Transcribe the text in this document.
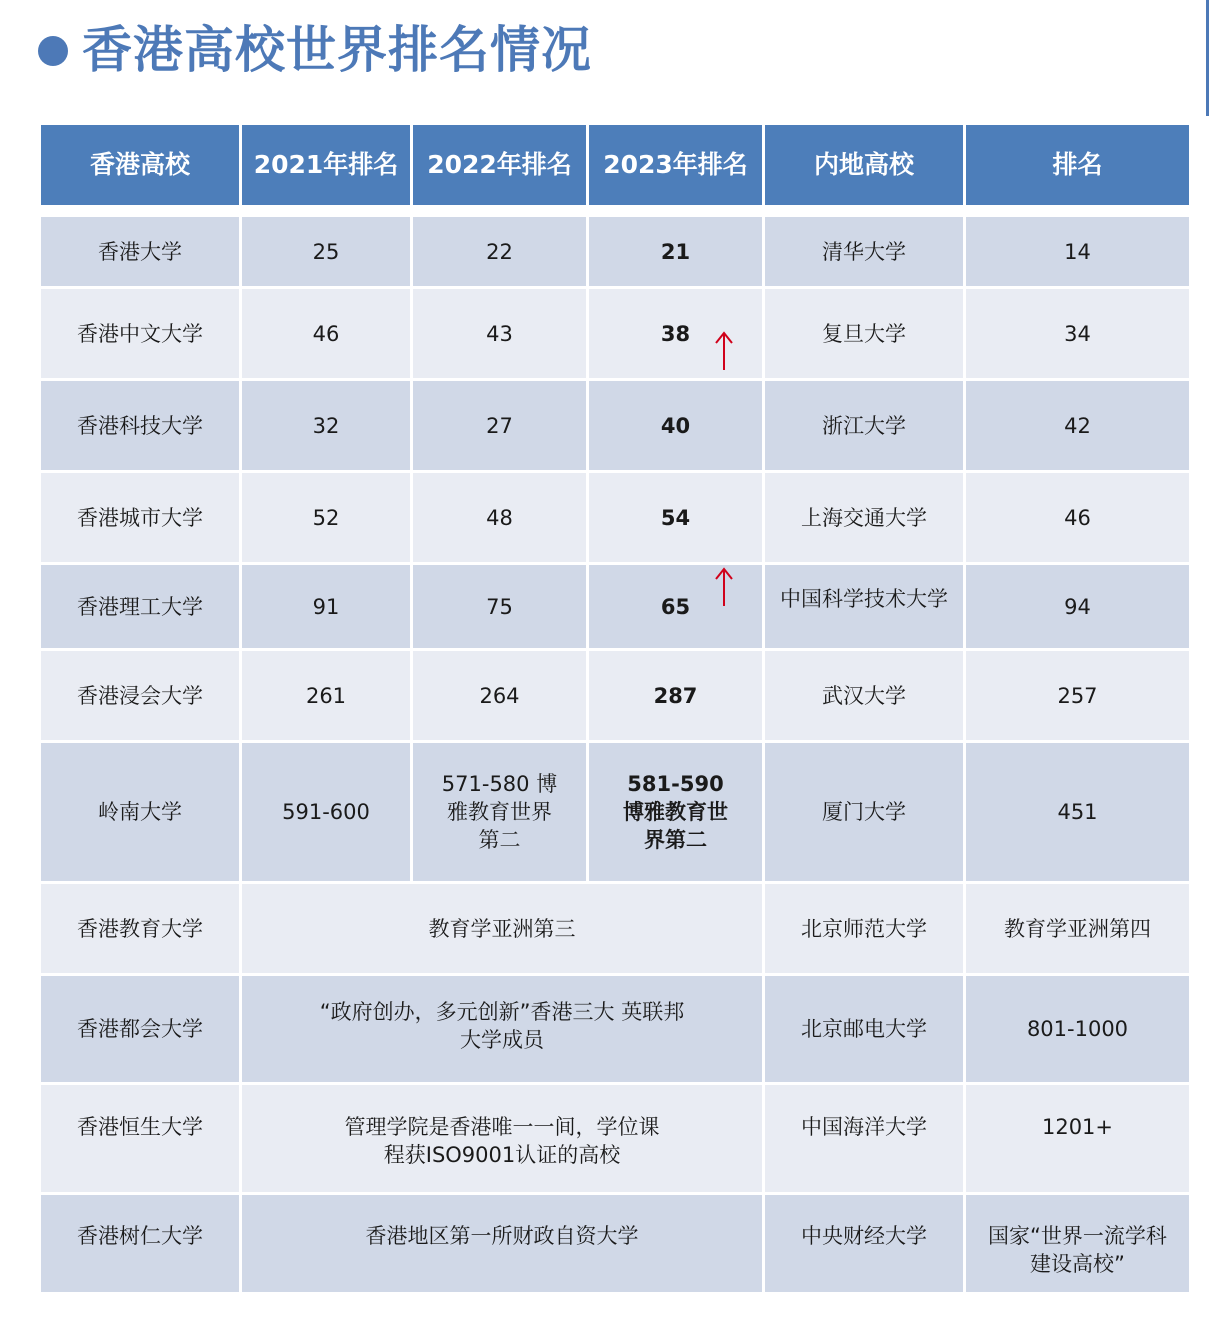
香港高校世界排名情况
香港高校	2021年排名	2022年排名	2023年排名	内地高校	排名

香港大学	25	22	21	清华大学	14
香港中文大学	46	43	38	复旦大学	34
香港科技大学	32	27	40	浙江大学	42
香港城市大学	52	48	54	上海交通大学	46
香港理工大学	91	75	65	中国科学技术大学	94
香港浸会大学	261	264	287	武汉大学	257
岭南大学	591-600	571-580 博雅教育世界第二	581-590 博雅教育世界第二	厦门大学	451
香港教育大学	教育学亚洲第三			北京师范大学	教育学亚洲第四
香港都会大学	“政府创办，多元创新”香港三大 英联邦大学成员			北京邮电大学	801-1000
香港恒生大学	管理学院是香港唯一一间，学位课 程获ISO9001认证的高校			中国海洋大学	1201+
香港树仁大学	香港地区第一所财政自资大学			中央财经大学	国家“世界一流学科建设高校”
